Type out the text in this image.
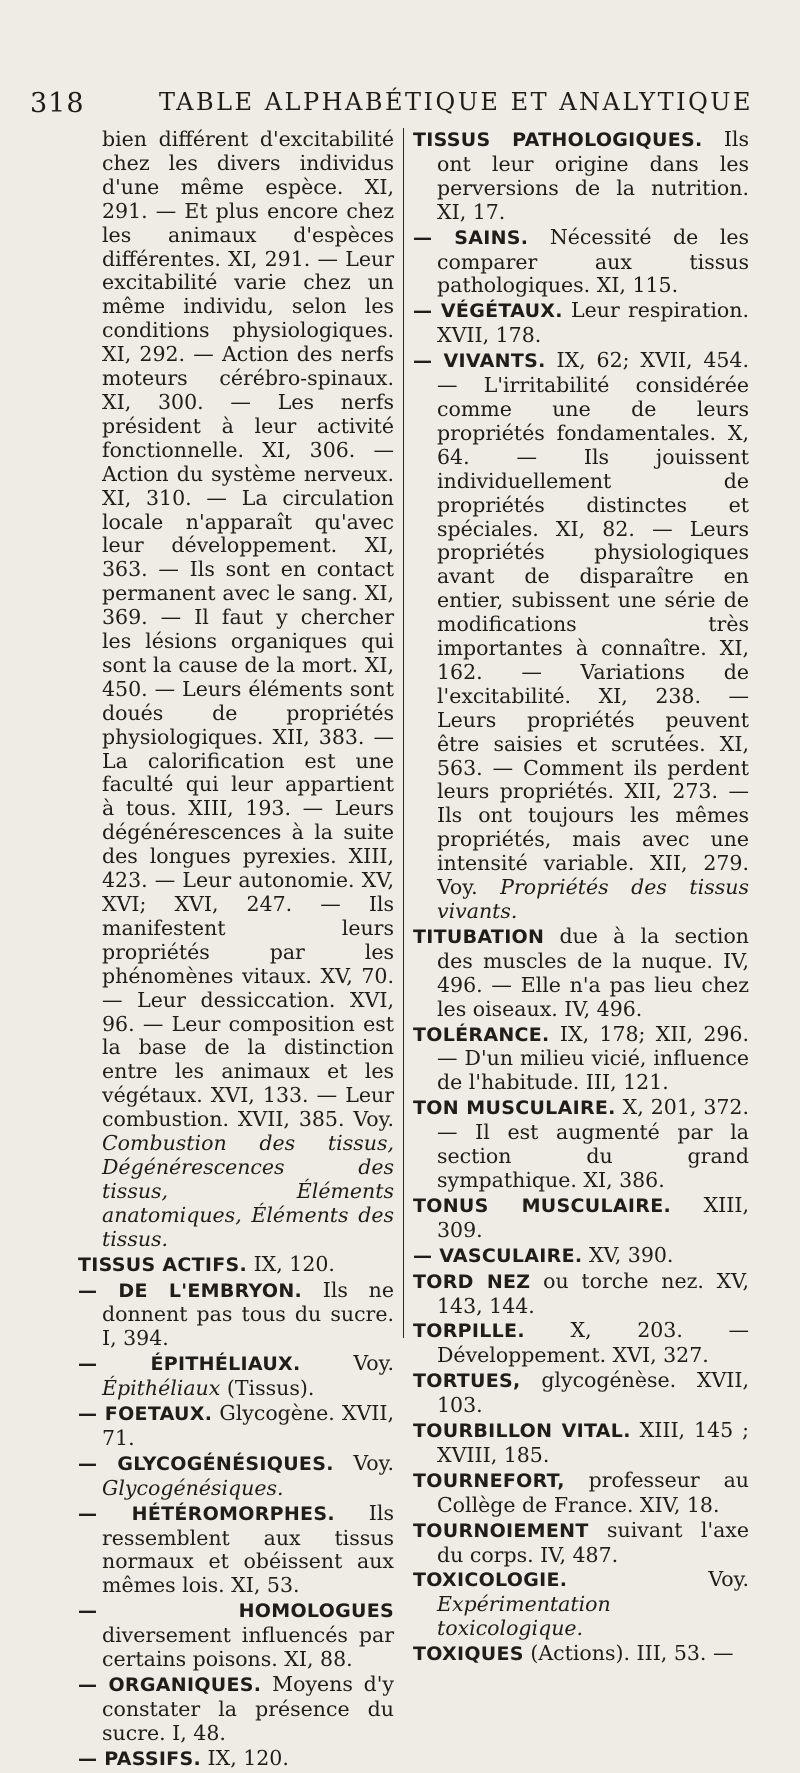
318	TABLE ALPHABÉTIQUE ET ANALYTIQUE

bien différent d'excitabilité chez les divers individus d'une même espèce. XI, 291. — Et plus encore chez les animaux d'espèces différentes. XI, 291. — Leur excitabilité varie chez un même individu, selon les conditions physiologiques. XI, 292. — Action des nerfs moteurs cérébro-spinaux. XI, 300. — Les nerfs président à leur activité fonctionnelle. XI, 306. — Action du système nerveux. XI, 310. — La circulation locale n'apparaît qu'avec leur développement. XI, 363. — Ils sont en contact permanent avec le sang. XI, 369. — Il faut y chercher les lésions organiques qui sont la cause de la mort. XI, 450. — Leurs éléments sont doués de propriétés physiologiques. XII, 383. — La calorification est une faculté qui leur appartient à tous. XIII, 193. — Leurs dégénérescences à la suite des longues pyrexies. XIII, 423. — Leur autonomie. XV, XVI; XVI, 247. — Ils manifestent leurs propriétés par les phénomènes vitaux. XV, 70. — Leur dessiccation. XVI, 96. — Leur composition est la base de la distinction entre les animaux et les végétaux. XVI, 133. — Leur combustion. XVII, 385. Voy. Combustion des tissus, Dégénérescences des tissus, Éléments anatomiques, Éléments des tissus.

TISSUS ACTIFS. IX, 120.

— DE L'EMBRYON. Ils ne donnent pas tous du sucre. I, 394.

— ÉPITHÉLIAUX.	Voy. Épithéliaux (Tissus).

— FOETAUX. Glycogène. XVII, 71.

— GLYCOGÉNÉSIQUES. Voy. Glycogénésiques.

— HÉTÉROMORPHES. Ils ressemblent aux tissus normaux et obéissent aux mêmes lois. XI, 53.

— HOMOLOGUES diversement influencés par certains poisons. XI, 88.

— ORGANIQUES. Moyens d'y constater la présence du sucre. I, 48.

— PASSIFS. IX, 120.

TISSUS PATHOLOGIQUES. Ils ont leur origine dans les perversions de la nutrition. XI, 17.

— SAINS. Nécessité de les comparer aux tissus pathologiques. XI, 115.

— VÉGÉTAUX. Leur respiration. XVII, 178.

— VIVANTS. IX, 62; XVII, 454. — L'irritabilité considérée comme une de leurs propriétés fondamentales. X, 64. — Ils jouissent individuellement de propriétés distinctes et spéciales. XI, 82. — Leurs propriétés physiologiques avant de disparaître en entier, subissent une série de modifications très importantes à connaître. XI, 162. — Variations de l'excitabilité. XI, 238. — Leurs propriétés peuvent être saisies et scrutées. XI, 563. — Comment ils perdent leurs propriétés. XII, 273. — Ils ont toujours les mêmes propriétés, mais avec une intensité variable. XII, 279. Voy. Propriétés des tissus vivants.

TITUBATION due à la section des muscles de la nuque. IV, 496. — Elle n'a pas lieu chez les oiseaux. IV, 496.

TOLÉRANCE. IX, 178; XII, 296. — D'un milieu vicié, influence de l'habitude. III, 121.

TON MUSCULAIRE. X, 201, 372. — Il est augmenté par la section du grand sympathique. XI, 386.

TONUS MUSCULAIRE. XIII, 309.

— VASCULAIRE. XV, 390.

TORD NEZ ou torche nez. XV, 143, 144.

TORPILLE. X, 203. — Développement. XVI, 327.

TORTUES, glycogénèse. XVII, 103.

TOURBILLON VITAL. XIII, 145 ; XVIII, 185.

TOURNEFORT, professeur au Collège de France. XIV, 18.

TOURNOIEMENT suivant l'axe du corps. IV, 487.

TOXICOLOGIE.	Voy. Expérimentation toxicologique.

TOXIQUES (Actions). III, 53. —
